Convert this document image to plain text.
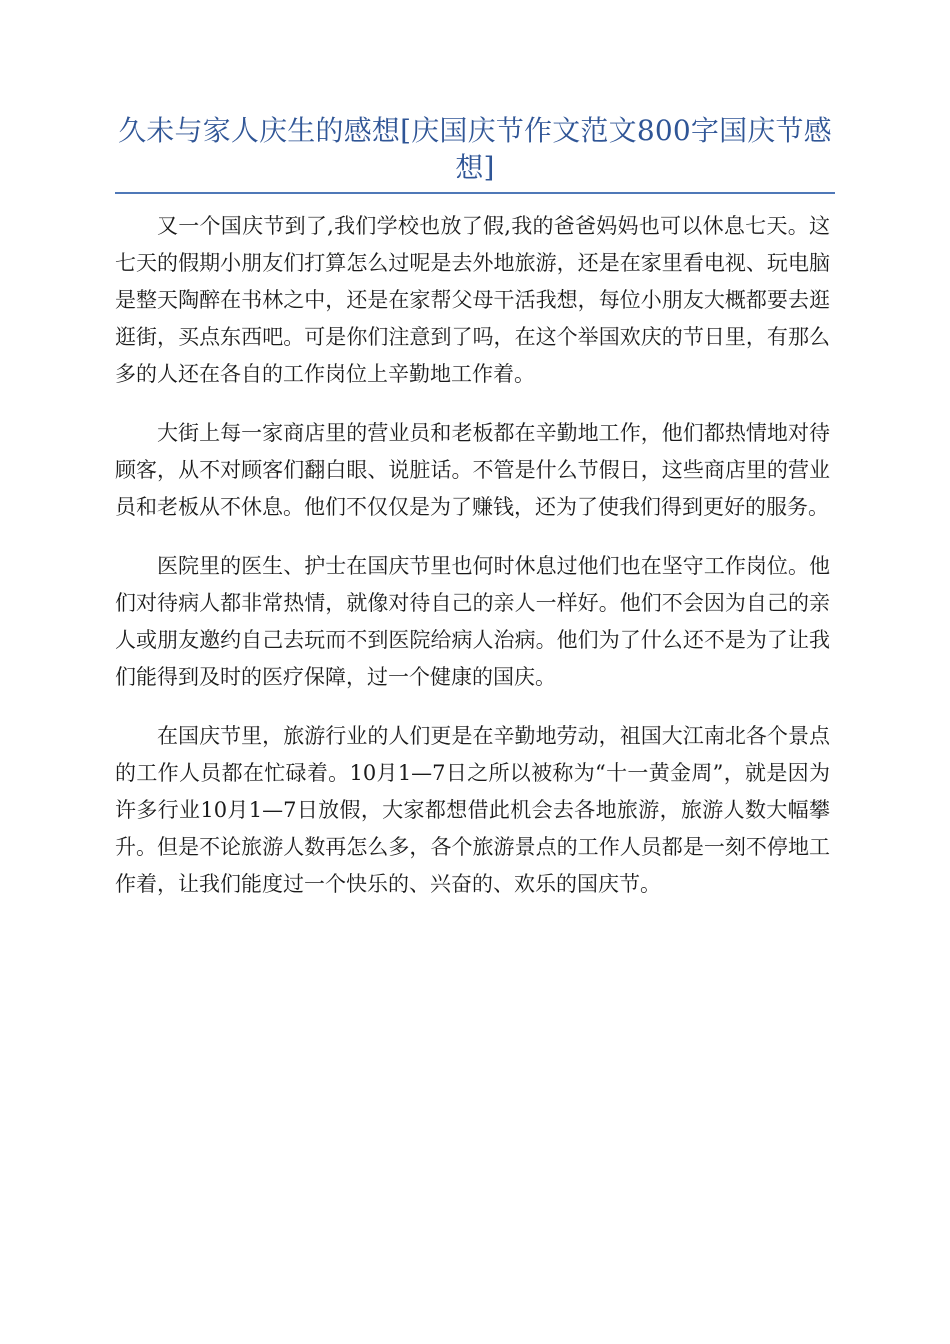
久未与家人庆生的感想[庆国庆节作文范文800字国庆节感想]

又一个国庆节到了,我们学校也放了假,我的爸爸妈妈也可以休息七天。这七天的假期小朋友们打算怎么过呢是去外地旅游，还是在家里看电视、玩电脑是整天陶醉在书林之中，还是在家帮父母干活我想，每位小朋友大概都要去逛逛街，买点东西吧。可是你们注意到了吗，在这个举国欢庆的节日里，有那么多的人还在各自的工作岗位上辛勤地工作着。

大街上每一家商店里的营业员和老板都在辛勤地工作，他们都热情地对待顾客，从不对顾客们翻白眼、说脏话。不管是什么节假日，这些商店里的营业员和老板从不休息。他们不仅仅是为了赚钱，还为了使我们得到更好的服务。

医院里的医生、护士在国庆节里也何时休息过他们也在坚守工作岗位。他们对待病人都非常热情，就像对待自己的亲人一样好。他们不会因为自己的亲人或朋友邀约自己去玩而不到医院给病人治病。他们为了什么还不是为了让我们能得到及时的医疗保障，过一个健康的国庆。

在国庆节里，旅游行业的人们更是在辛勤地劳动，祖国大江南北各个景点的工作人员都在忙碌着。10月1—7日之所以被称为“十一黄金周”，就是因为许多行业10月1—7日放假，大家都想借此机会去各地旅游，旅游人数大幅攀升。但是不论旅游人数再怎么多，各个旅游景点的工作人员都是一刻不停地工作着，让我们能度过一个快乐的、兴奋的、欢乐的国庆节。
